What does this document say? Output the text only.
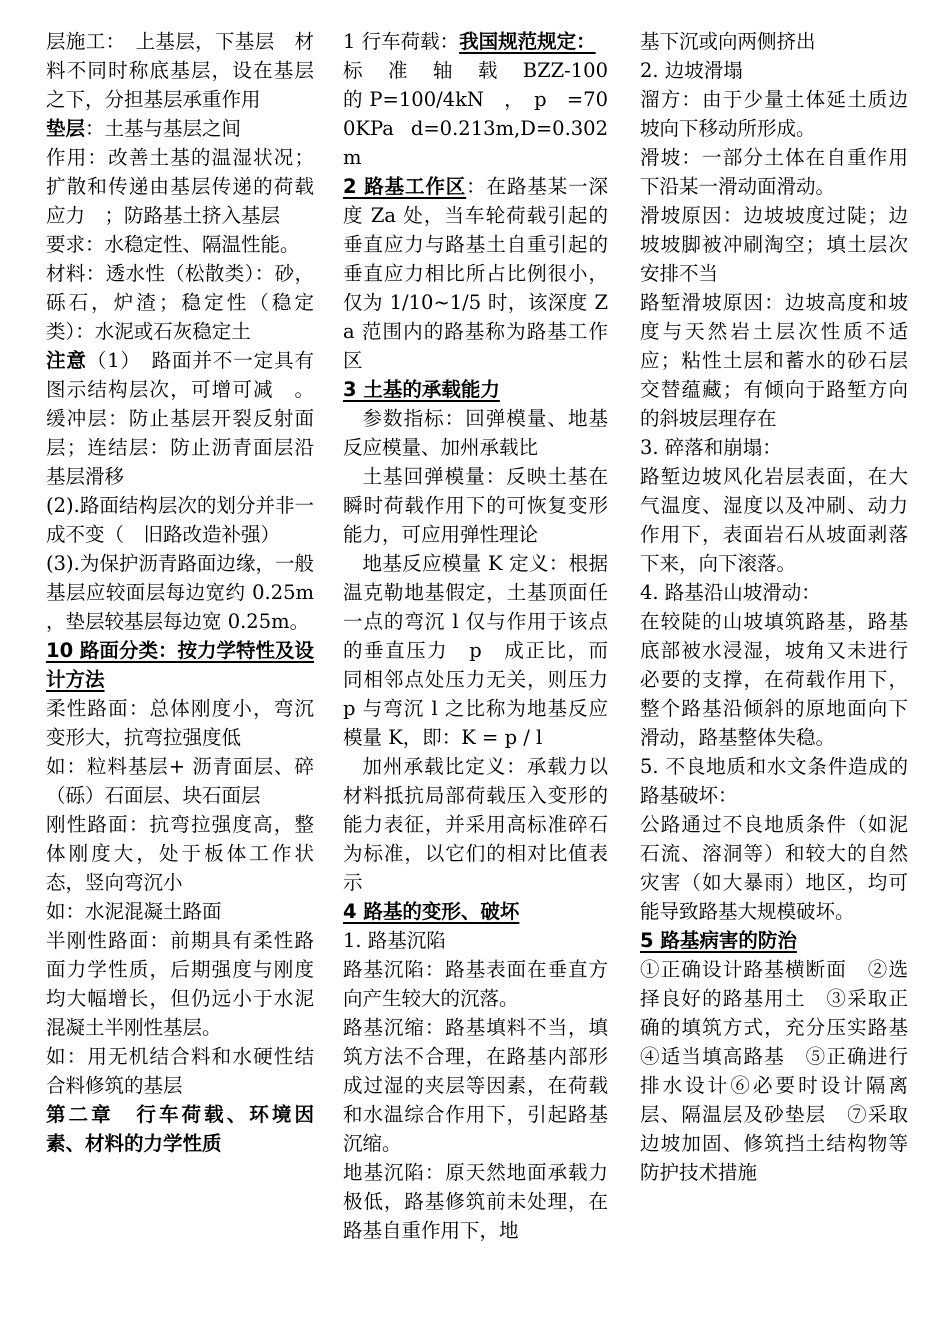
层施工：　上基层，下基层　材料不同时称底基层，设在基层之下，分担基层承重作用

垫层：土基与基层之间

作用：改善土基的温湿状况；扩散和传递由基层传递的荷载应力　；防路基土挤入基层

要求：水稳定性、隔温性能。

材料：透水性（松散类）：砂，砾石，炉渣；稳定性（稳定类）：水泥或石灰稳定土

注意（1）　路面并不一定具有图示结构层次，可增可减　。缓冲层：防止基层开裂反射面层；连结层：防止沥青面层沿基层滑移

(2).路面结构层次的划分并非一成不变（　旧路改造补强）

(3).为保护沥青路面边缘，一般基层应较面层每边宽约 0.25m ，垫层较基层每边宽 0.25m。

10 路面分类：按力学特性及设计方法

柔性路面：总体刚度小，弯沉变形大，抗弯拉强度低

如：粒料基层+ 沥青面层、碎（砾）石面层、块石面层

刚性路面：抗弯拉强度高，整体刚度大，处于板体工作状态，竖向弯沉小

如：水泥混凝土路面

半刚性路面：前期具有柔性路面力学性质，后期强度与刚度均大幅增长，但仍远小于水泥混凝土半刚性基层。

如：用无机结合料和水硬性结合料修筑的基层

第二章　行车荷载、环境因素、材料的力学性质

1 行车荷载：我国规范规定：

标　准　轴　载　BZZ-100　的 P=100/4kN　，　p　=700KPa d=0.213m,D=0.302m

2 路基工作区：在路基某一深度 Za 处，当车轮荷载引起的垂直应力与路基土自重引起的垂直应力相比所占比例很小，仅为 1/10~1/5 时，该深度 Za 范围内的路基称为路基工作区

3 土基的承载能力

参数指标：回弹模量、地基反应模量、加州承载比

土基回弹模量：反映土基在瞬时荷载作用下的可恢复变形能力，可应用弹性理论

地基反应模量 K 定义：根据温克勒地基假定，土基顶面任一点的弯沉 l 仅与作用于该点的垂直压力　p　成正比，而同相邻点处压力无关，则压力 p 与弯沉 l 之比称为地基反应模量 K，即：K = p / l

加州承载比定义：承载力以材料抵抗局部荷载压入变形的能力表征，并采用高标准碎石为标准，以它们的相对比值表示

4 路基的变形、破坏

1. 路基沉陷

路基沉陷：路基表面在垂直方向产生较大的沉落。

路基沉缩：路基填料不当，填筑方法不合理，在路基内部形成过湿的夹层等因素，在荷载和水温综合作用下，引起路基沉缩。

地基沉陷：原天然地面承载力极低，路基修筑前未处理，在路基自重作用下，地

基下沉或向两侧挤出

2. 边坡滑塌

溜方：由于少量土体延土质边坡向下移动所形成。

滑坡：一部分土体在自重作用下沿某一滑动面滑动。

滑坡原因：边坡坡度过陡；边坡坡脚被冲刷淘空；填土层次安排不当

路堑滑坡原因：边坡高度和坡度与天然岩土层次性质不适应；粘性土层和蓄水的砂石层交替蕴藏；有倾向于路堑方向的斜坡层理存在

3. 碎落和崩塌：

路堑边坡风化岩层表面，在大气温度、湿度以及冲刷、动力作用下，表面岩石从坡面剥落下来，向下滚落。

4. 路基沿山坡滑动：

在较陡的山坡填筑路基，路基底部被水浸湿，坡角又未进行必要的支撑，在荷载作用下，整个路基沿倾斜的原地面向下滑动，路基整体失稳。

5. 不良地质和水文条件造成的路基破坏：

公路通过不良地质条件（如泥石流、溶洞等）和较大的自然灾害（如大暴雨）地区，均可能导致路基大规模破坏。

5 路基病害的防治

①正确设计路基横断面　②选择良好的路基用土　③采取正确的填筑方式，充分压实路基　④适当填高路基　⑤正确进行排水设计⑥必要时设计隔离层、隔温层及砂垫层　⑦采取边坡加固、修筑挡土结构物等防护技术措施
